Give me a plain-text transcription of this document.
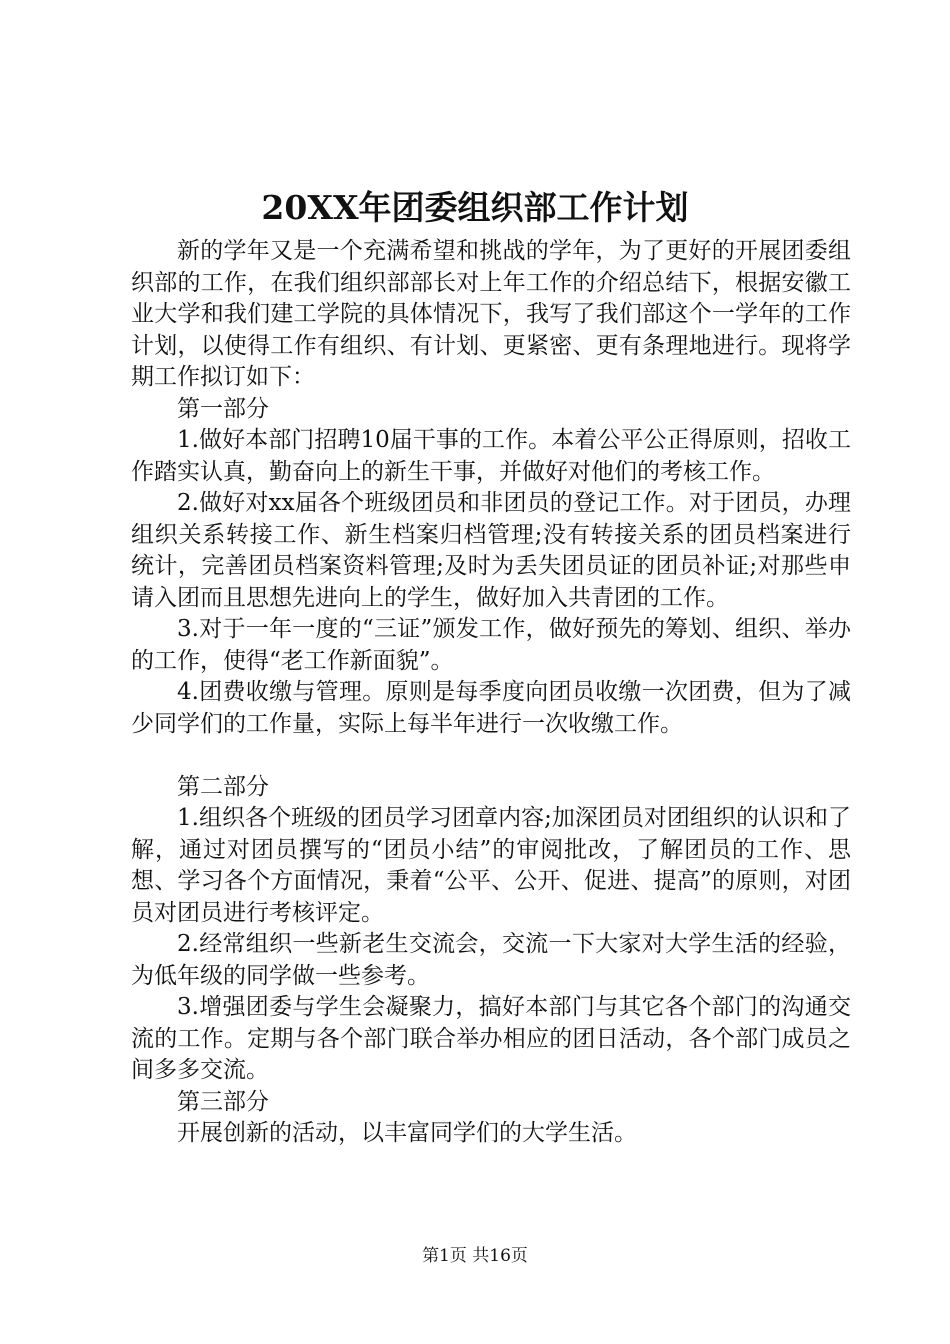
20XX年团委组织部工作计划

新的学年又是一个充满希望和挑战的学年，为了更好的开展团委组织部的工作，在我们组织部部长对上年工作的介绍总结下，根据安徽工业大学和我们建工学院的具体情况下，我写了我们部这个一学年的工作计划，以使得工作有组织、有计划、更紧密、更有条理地进行。现将学期工作拟订如下：

第一部分

1.做好本部门招聘10届干事的工作。本着公平公正得原则，招收工作踏实认真，勤奋向上的新生干事，并做好对他们的考核工作。

2.做好对xx届各个班级团员和非团员的登记工作。对于团员，办理组织关系转接工作、新生档案归档管理;没有转接关系的团员档案进行统计，完善团员档案资料管理;及时为丢失团员证的团员补证;对那些申请入团而且思想先进向上的学生，做好加入共青团的工作。

3.对于一年一度的“三证”颁发工作，做好预先的筹划、组织、举办的工作，使得“老工作新面貌”。

4.团费收缴与管理。原则是每季度向团员收缴一次团费，但为了减少同学们的工作量，实际上每半年进行一次收缴工作。

第二部分

1.组织各个班级的团员学习团章内容;加深团员对团组织的认识和了解，通过对团员撰写的“团员小结”的审阅批改，了解团员的工作、思想、学习各个方面情况，秉着“公平、公开、促进、提高”的原则，对团员对团员进行考核评定。

2.经常组织一些新老生交流会，交流一下大家对大学生活的经验，为低年级的同学做一些参考。

3.增强团委与学生会凝聚力，搞好本部门与其它各个部门的沟通交流的工作。定期与各个部门联合举办相应的团日活动，各个部门成员之间多多交流。

第三部分

开展创新的活动，以丰富同学们的大学生活。

第1页 共16页
